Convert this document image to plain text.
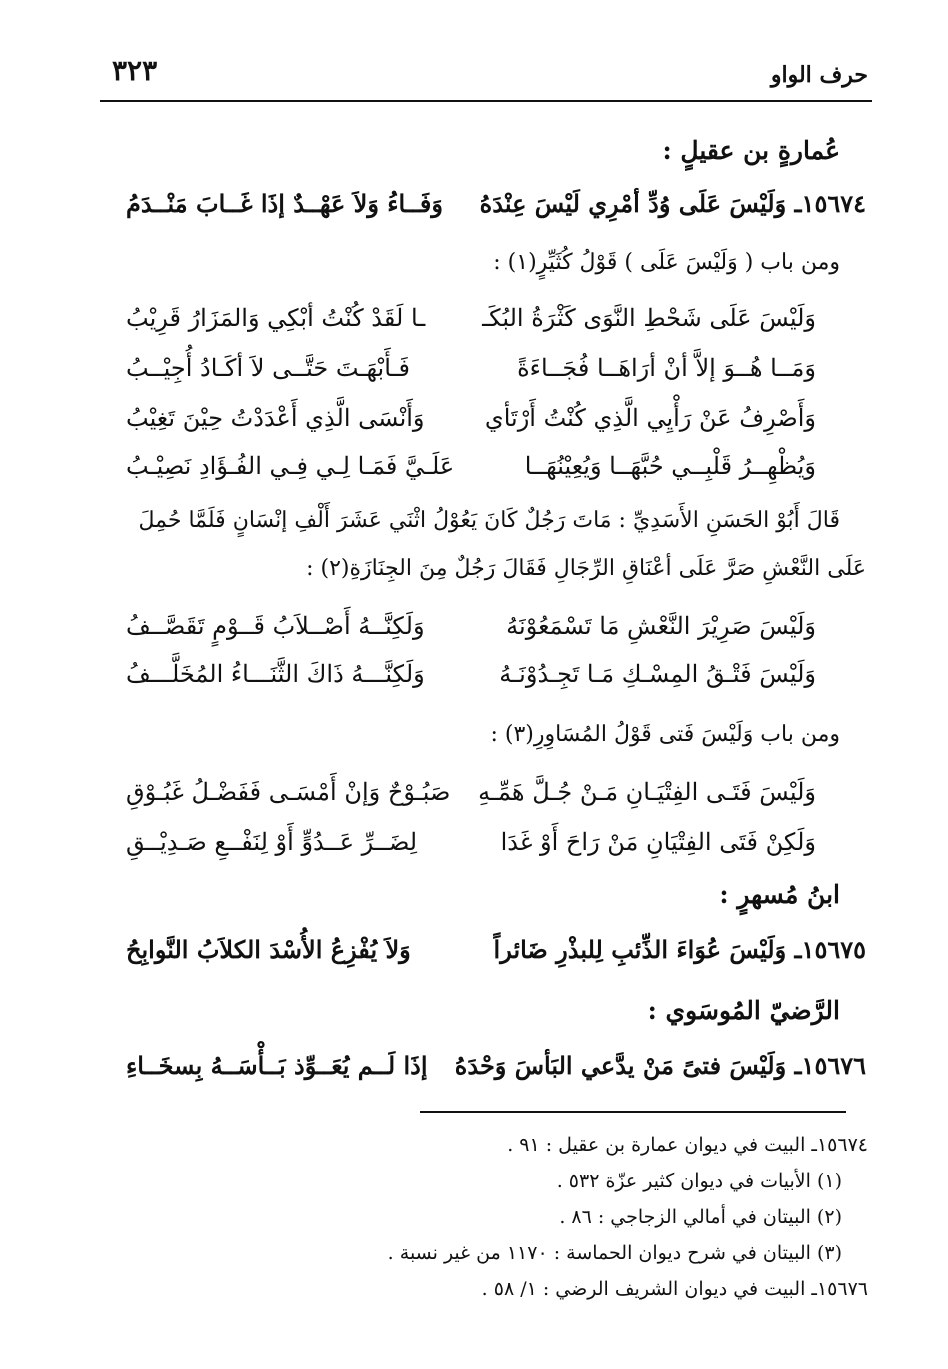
حرف الواو
٣٢٣
عُمارةٍ بن عقيلٍ :
١٥٦٧٤ـ وَلَيْسَ عَلَى وُدِّ أمْرِي لَيْسَ عِنْدَهُ
وَفَــاءُ وَلاَ عَهْــدٌ إذَا غَــابَ مَنْــدَمُ
ومن باب ( وَلَيْسَ عَلَى ) قَوْلُ كُثَيِّرٍ(١) :
وَلَيْسَ عَلَى شَحْطِ النَّوَى كَثْرَةُ البُكَـ
ـا لَقَدْ كُنْتُ أبْكِي وَالمَزَارُ قَرِيْبُ
وَمَــا هُــوَ إلاَّ أنْ أرَاهَــا فُجَــاءَةً
فَـأَبْهَـتَ حَتَّــى لاَ أكَـادُ أُجِيْــبُ
وَأَصْرِفُ عَنْ رَأْيِي الَّذِي كُنْتُ أَرْتَأي
وَأَنْسَى الَّذِي أَعْدَدْتُ حِيْنَ تَغِيْبُ
وَيُظْهِــرُ قَلْبِــي حُبَّهَــا وَيُعِيْنُهَــا
عَلَـيَّ فَمَـا لِـي فِـي الفُـؤَادِ نَصِيْـبُ
قَالَ أَبُوْ الحَسَنِ الأَسَدِيِّ : مَاتَ رَجُلٌ كَانَ يَعُوْلُ اثْنَي عَشَرَ أَلْفِ إنْسَانٍ فَلَمَّا حُمِلَ
عَلَى النَّعْشِ صَرَّ عَلَى أعْنَاقِ الرِّجَالِ فَقَالَ رَجُلٌ مِنَ الجِنَازَةِ(٢) :
وَلَيْسَ صَرِيْرَ النَّعْشِ مَا تَسْمَعُوْنَهُ
وَلَكِنَّــهُ أَصْــلاَبُ قَــوْمٍ تَقَصَّــفُ
وَلَيْسَ فَتْـقُ المِسْـكِ مَـا تَجِـدُوْنَـهُ
وَلَكِنَّـــهُ ذَاكَ الثَّنَـــاءُ المُخَلَّـــفُ
ومن باب وَلَيْسَ فَتى قَوْلُ المُسَاوِرِ(٣) :
وَلَيْسَ فَتَـى الفِتْيَـانِ مَـنْ جُـلَّ هَمِّـهِ
صَبُـوْحٌ وَإنْ أَمْسَـى فَفَضْـلُ غَبُـوْقِ
وَلَكِنْ فَتَى الفِتْيَانِ مَنْ رَاحَ أَوْ غَدَا
لِضَــرِّ عَــدُوٍّ أَوْ لِنَفْــعِ صَـدِيْــقِ
ابنُ مُسهرٍ :
١٥٦٧٥ـ وَلَيْسَ عُوَاءَ الذِّئبِ لِلبذْرِ ضَائراً
وَلاَ يُفْزِعُ الأُسْدَ الكلاَبُ النَّوابِحُ
الرَّضيّ المُوسَوي :
١٥٦٧٦ـ وَلَيْسَ فتىً مَنْ يدَّعي البَأسَ وَحْدَهُ
إذَا لَــم يُعَــوِّذ بَــأْسَــهُ بِسخَــاءِ
١٥٦٧٤ـ البيت في ديوان عمارة بن عقيل : ٩١ .
(١) الأبيات في ديوان كثير عزّة ٥٣٢ .
(٢) البيتان في أمالي الزجاجي : ٨٦ .
(٣) البيتان في شرح ديوان الحماسة : ١١٧٠ من غير نسبة .
١٥٦٧٦ـ البيت في ديوان الشريف الرضي : ١/ ٥٨ .
